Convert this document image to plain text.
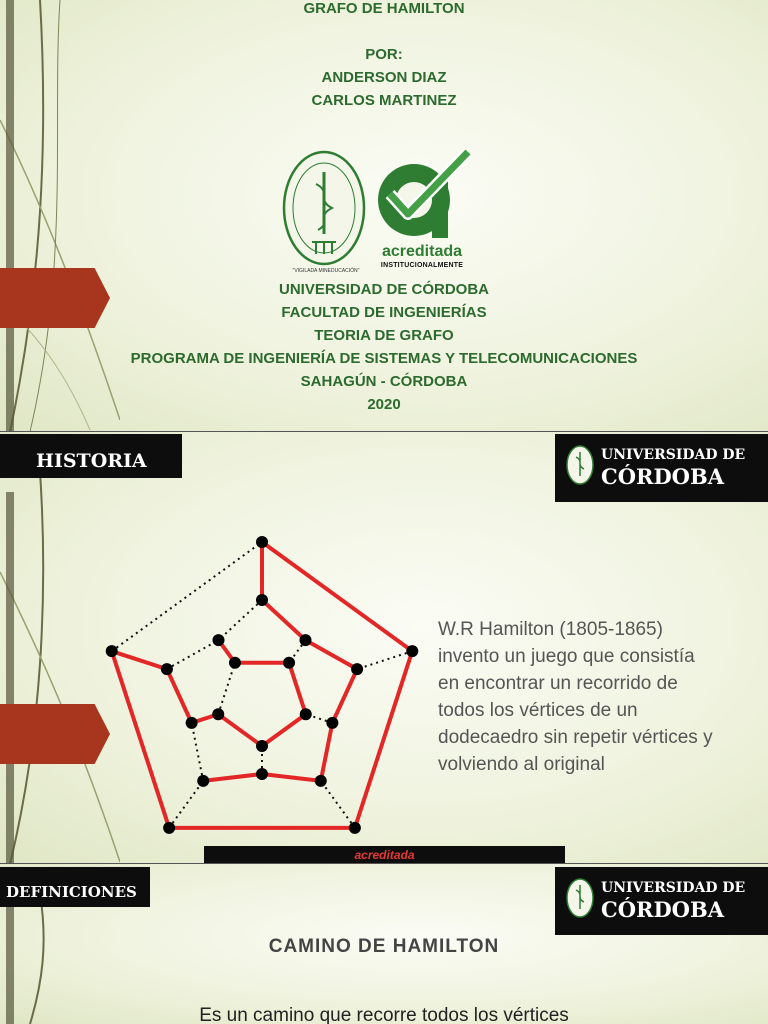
GRAFO DE HAMILTON
POR:
ANDERSON DIAZ
CARLOS MARTINEZ
"VIGILADA MINEDUCACIÓN"
acreditada
INSTITUCIONALMENTE
UNIVERSIDAD DE CÓRDOBA
FACULTAD DE INGENIERÍAS
TEORIA DE GRAFO
PROGRAMA DE INGENIERÍA DE SISTEMAS Y TELECOMUNICACIONES
SAHAGÚN - CÓRDOBA
2020
HISTORIA	UNIVERSIDAD DE
CÓRDOBA
W.R Hamilton (1805-1865) invento un juego que consistía en encontrar un recorrido de todos los vértices de un dodecaedro sin repetir vértices y volviendo al original
acreditada
DEFINICIONES	UNIVERSIDAD DE
CÓRDOBA
CAMINO DE HAMILTON
Es un camino que recorre todos los vértices
